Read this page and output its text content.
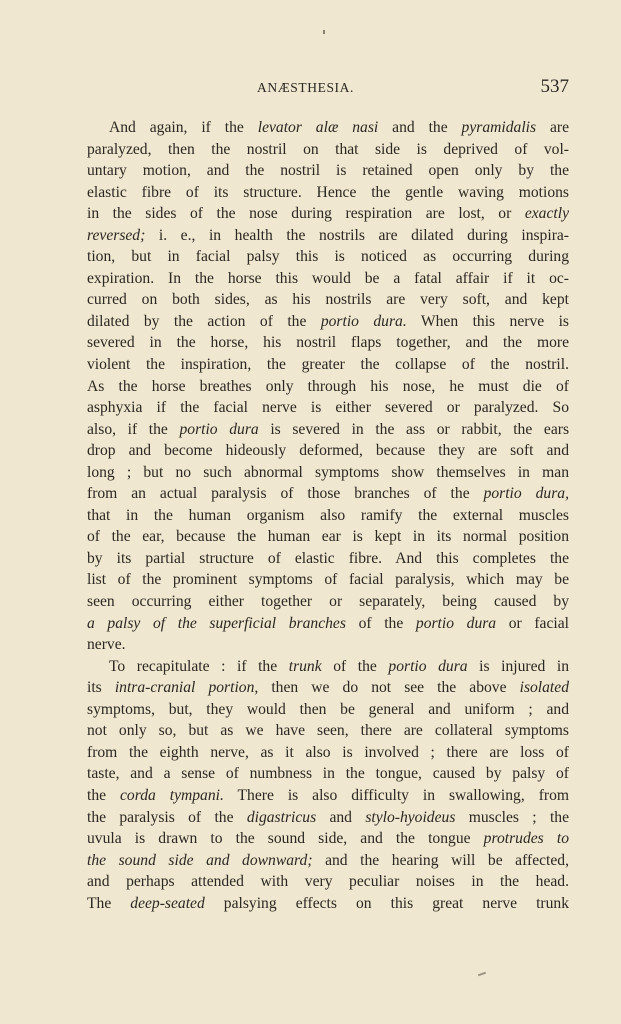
ANÆSTHESIA.	537
And again, if the levator alæ nasi and the pyramidalis are
paralyzed, then the nostril on that side is deprived of vol-
untary motion, and the nostril is retained open only by the
elastic fibre of its structure. Hence the gentle waving motions
in the sides of the nose during respiration are lost, or exactly
reversed; i. e., in health the nostrils are dilated during inspira-
tion, but in facial palsy this is noticed as occurring during
expiration. In the horse this would be a fatal affair if it oc-
curred on both sides, as his nostrils are very soft, and kept
dilated by the action of the portio dura. When this nerve is
severed in the horse, his nostril flaps together, and the more
violent the inspiration, the greater the collapse of the nostril.
As the horse breathes only through his nose, he must die of
asphyxia if the facial nerve is either severed or paralyzed. So
also, if the portio dura is severed in the ass or rabbit, the ears
drop and become hideously deformed, because they are soft and
long ; but no such abnormal symptoms show themselves in man
from an actual paralysis of those branches of the portio dura,
that in the human organism also ramify the external muscles
of the ear, because the human ear is kept in its normal position
by its partial structure of elastic fibre. And this completes the
list of the prominent symptoms of facial paralysis, which may be
seen occurring either together or separately, being caused by
a palsy of the superficial branches of the portio dura or facial
nerve.
To recapitulate : if the trunk of the portio dura is injured in
its intra-cranial portion, then we do not see the above isolated
symptoms, but, they would then be general and uniform ; and
not only so, but as we have seen, there are collateral symptoms
from the eighth nerve, as it also is involved ; there are loss of
taste, and a sense of numbness in the tongue, caused by palsy of
the corda tympani. There is also difficulty in swallowing, from
the paralysis of the digastricus and stylo-hyoideus muscles ; the
uvula is drawn to the sound side, and the tongue protrudes to
the sound side and downward; and the hearing will be affected,
and perhaps attended with very peculiar noises in the head.
The deep-seated palsying effects on this great nerve trunk
